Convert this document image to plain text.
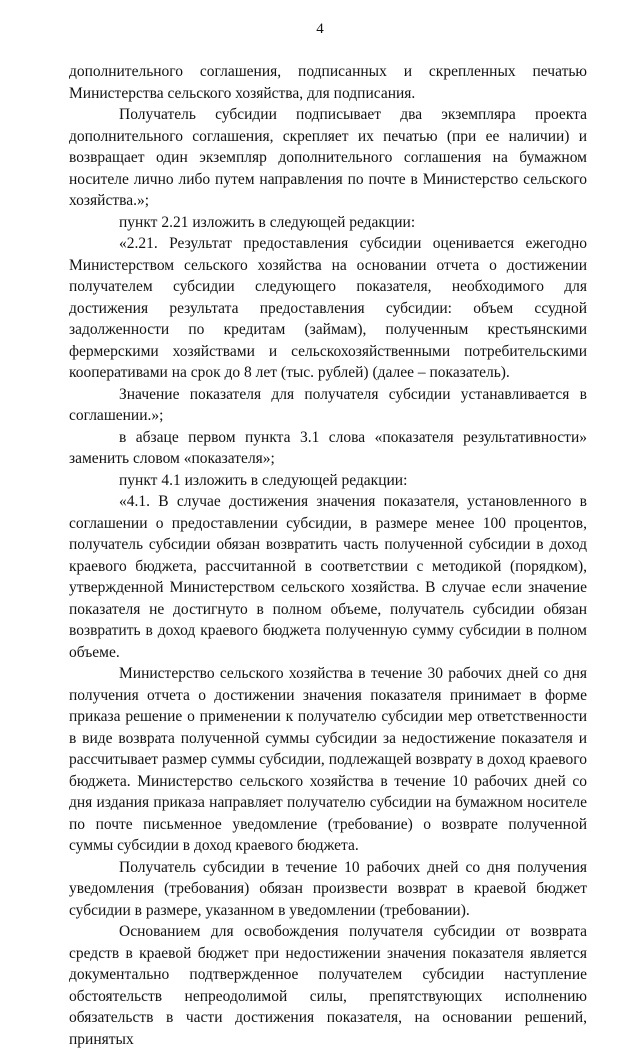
4

дополнительного соглашения, подписанных и скрепленных печатью Министерства сельского хозяйства, для подписания.

Получатель субсидии подписывает два экземпляра проекта дополнительного соглашения, скрепляет их печатью (при ее наличии) и возвращает один экземпляр дополнительного соглашения на бумажном носителе лично либо путем направления по почте в Министерство сельского хозяйства.»;

пункт 2.21 изложить в следующей редакции:

«2.21. Результат предоставления субсидии оценивается ежегодно Министерством сельского хозяйства на основании отчета о достижении получателем субсидии следующего показателя, необходимого для достижения результата предоставления субсидии: объем ссудной задолженности по кредитам (займам), полученным крестьянскими фермерскими хозяйствами и сельскохозяйственными потребительскими кооперативами на срок до 8 лет (тыс. рублей) (далее – показатель).

Значение показателя для получателя субсидии устанавливается в соглашении.»;

в абзаце первом пункта 3.1 слова «показателя результативности» заменить словом «показателя»;

пункт 4.1 изложить в следующей редакции:

«4.1. В случае достижения значения показателя, установленного в соглашении о предоставлении субсидии, в размере менее 100 процентов, получатель субсидии обязан возвратить часть полученной субсидии в доход краевого бюджета, рассчитанной в соответствии с методикой (порядком), утвержденной Министерством сельского хозяйства. В случае если значение показателя не достигнуто в полном объеме, получатель субсидии обязан возвратить в доход краевого бюджета полученную сумму субсидии в полном объеме.

Министерство сельского хозяйства в течение 30 рабочих дней со дня получения отчета о достижении значения показателя принимает в форме приказа решение о применении к получателю субсидии мер ответственности в виде возврата полученной суммы субсидии за недостижение показателя и рассчитывает размер суммы субсидии, подлежащей возврату в доход краевого бюджета. Министерство сельского хозяйства в течение 10 рабочих дней со дня издания приказа направляет получателю субсидии на бумажном носителе по почте письменное уведомление (требование) о возврате полученной суммы субсидии в доход краевого бюджета.

Получатель субсидии в течение 10 рабочих дней со дня получения уведомления (требования) обязан произвести возврат в краевой бюджет субсидии в размере, указанном в уведомлении (требовании).

Основанием для освобождения получателя субсидии от возврата средств в краевой бюджет при недостижении значения показателя является документально подтвержденное получателем субсидии наступление обстоятельств непреодолимой силы, препятствующих исполнению обязательств в части достижения показателя, на основании решений, принятых
